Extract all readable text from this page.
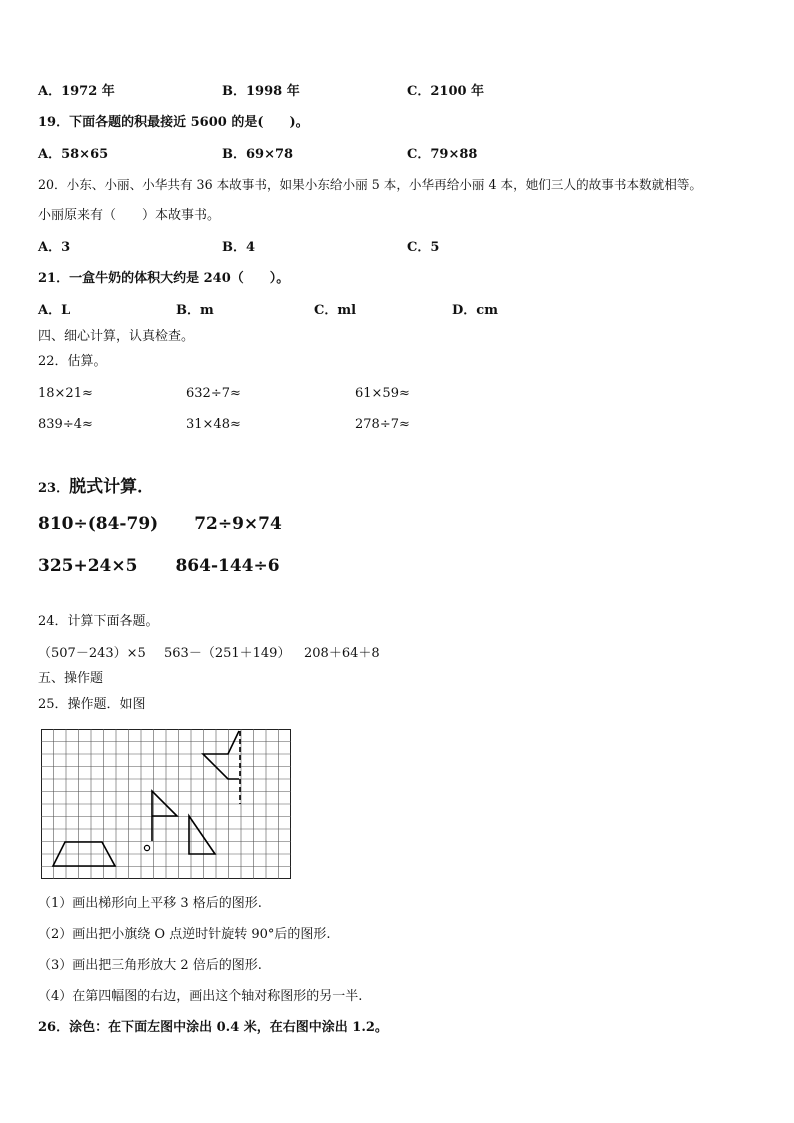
A．1972 年	B．1998 年	C．2100 年
19．下面各题的积最接近 5600 的是(　　)。
A．58×65	B．69×78	C．79×88
20．小东、小丽、小华共有 36 本故事书，如果小东给小丽 5 本，小华再给小丽 4 本，她们三人的故事书本数就相等。
小丽原来有（　　）本故事书。
A．3	B．4	C．5
21．一盒牛奶的体积大约是 240（　　）。
A．L	B．m	C．ml	D．cm
四、细心计算，认真检查。
22．估算。
18×21≈	632÷7≈	61×59≈
839÷4≈	31×48≈	278÷7≈
23．脱式计算．
810÷(84-79) 72÷9×74
325+24×5 864-144÷6
24．计算下面各题。
（507－243）×5 563－（251＋149） 208＋64＋8
五、操作题
25．操作题．如图
（1）画出梯形向上平移 3 格后的图形.
（2）画出把小旗绕 O 点逆时针旋转 90°后的图形.
（3）画出把三角形放大 2 倍后的图形.
（4）在第四幅图的右边，画出这个轴对称图形的另一半.
26．涂色：在下面左图中涂出 0.4 米，在右图中涂出 1.2。
